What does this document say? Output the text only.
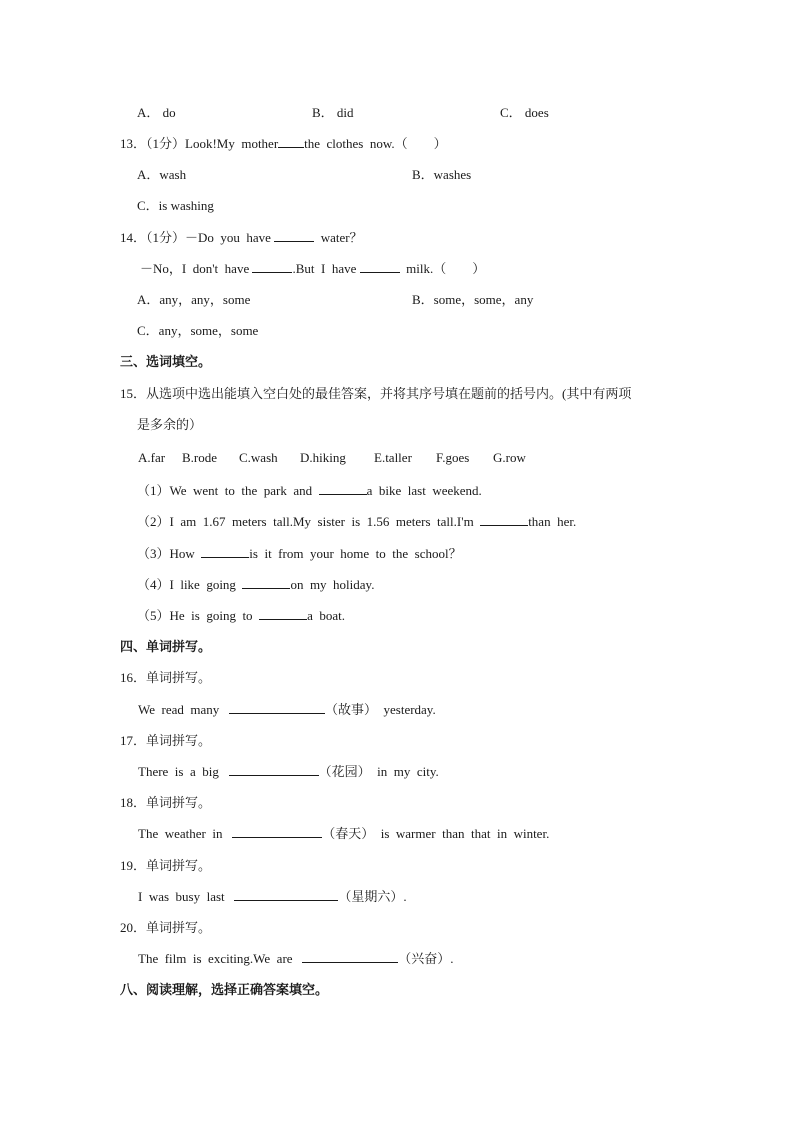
A． do	B． did	C． does
13．（1分）Look!My  mother the  clothes  now.（        ）
A．wash	B．washes
C．is washing
14．（1分）－Do  you  have	water？
－No，I  don't  have	.But  I  have	milk.（        ）
A．any，any，some	B．some，some，any
C．any，some，some
三、选词填空。
15．从选项中选出能填入空白处的最佳答案，并将其序号填在题前的括号内。(其中有两项
是多余的）
A.far B.rode C.wash D.hiking E.taller F.goes G.row
（1）We  went  to  the  park  and	a  bike  last  weekend.
（2）I  am  1.67  meters  tall.My  sister  is  1.56  meters  tall.I'm	than  her.
（3）How	is  it  from  your  home  to  the  school？
（4）I  like  going	on  my  holiday.
（5）He  is  going  to	a  boat.
四、单词拼写。
16．单词拼写。
We  read  many	（故事）  yesterday.
17．单词拼写。
There  is  a  big	（花园）  in  my  city.
18．单词拼写。
The  weather  in	（春天）  is  warmer  than  that  in  winter.
19．单词拼写。
I  was  busy  last	（星期六）.
20．单词拼写。
The  film  is  exciting.We  are	（兴奋）.
八、阅读理解，选择正确答案填空。
